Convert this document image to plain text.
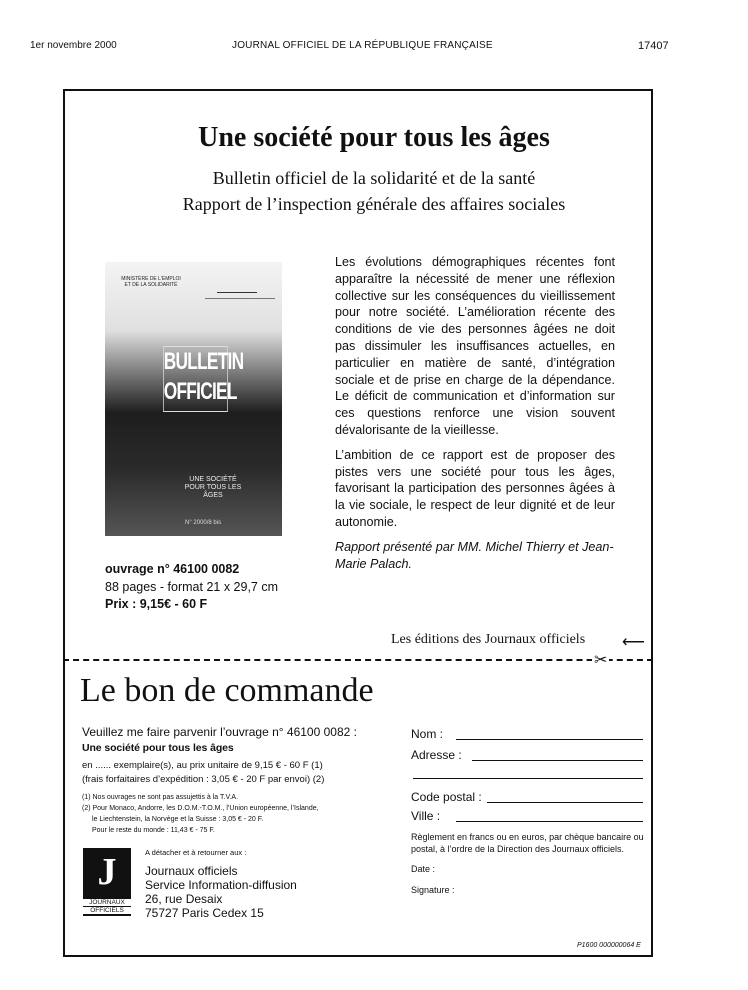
1er novembre 2000	JOURNAL OFFICIEL DE LA RÉPUBLIQUE FRANÇAISE	17407
Une société pour tous les âges
Bulletin officiel de la solidarité et de la santé
Rapport de l’inspection générale des affaires sociales
MINISTÈRE DE L'EMPLOI ET DE LA SOLIDARITÉ
BULLETIN
OFFICIEL
UNE SOCIÉTÉ POUR TOUS LES ÂGES
N° 2000/8 bis

Les évolutions démographiques récentes font apparaître la nécessité de mener une réflexion collective sur les conséquences du vieillissement pour notre société. L’amélioration récente des conditions de vie des personnes âgées ne doit pas dissimuler les insuffisances actuelles, en particulier en matière de santé, d’intégration sociale et de prise en charge de la dépendance. Le déficit de communication et d’information sur ces questions renforce une vision souvent dévalorisante de la vieillesse.

L’ambition de ce rapport est de proposer des pistes vers une société pour tous les âges, favorisant la participation des personnes âgées à la vie sociale, le respect de leur dignité et de leur autonomie.

Rapport présenté par MM. Michel Thierry et Jean-Marie Palach.

ouvrage n° 46100 0082
88 pages - format 21 x 29,7 cm
Prix : 9,15€ - 60 F
Les éditions des Journaux officiels ⟵
✂
Le bon de commande
Veuillez me faire parvenir l’ouvrage n° 46100 0082 :
Une société pour tous les âges
en ...... exemplaire(s), au prix unitaire de 9,15 € - 60 F (1)
(frais forfaitaires d’expédition : 3,05 € - 20 F par envoi) (2)
(1) Nos ouvrages ne sont pas assujettis à la T.V.A.
(2) Pour Monaco, Andorre, les D.O.M.-T.O.M., l’Union européenne, l’Islande,
le Liechtenstein, la Norvège et la Suisse : 3,05 € - 20 F.
Pour le reste du monde : 11,43 € - 75 F.
J
JOURNAUX
OFFICIELS
A détacher et à retourner aux :
Journaux officiels
Service Information-diffusion
26, rue Desaix
75727 Paris Cedex 15
Nom :
Adresse :
Code postal :
Ville :
Règlement en francs ou en euros, par chèque bancaire ou postal, à l’ordre de la Direction des Journaux officiels.
Date :
Signature :
P1600 000000064 E
